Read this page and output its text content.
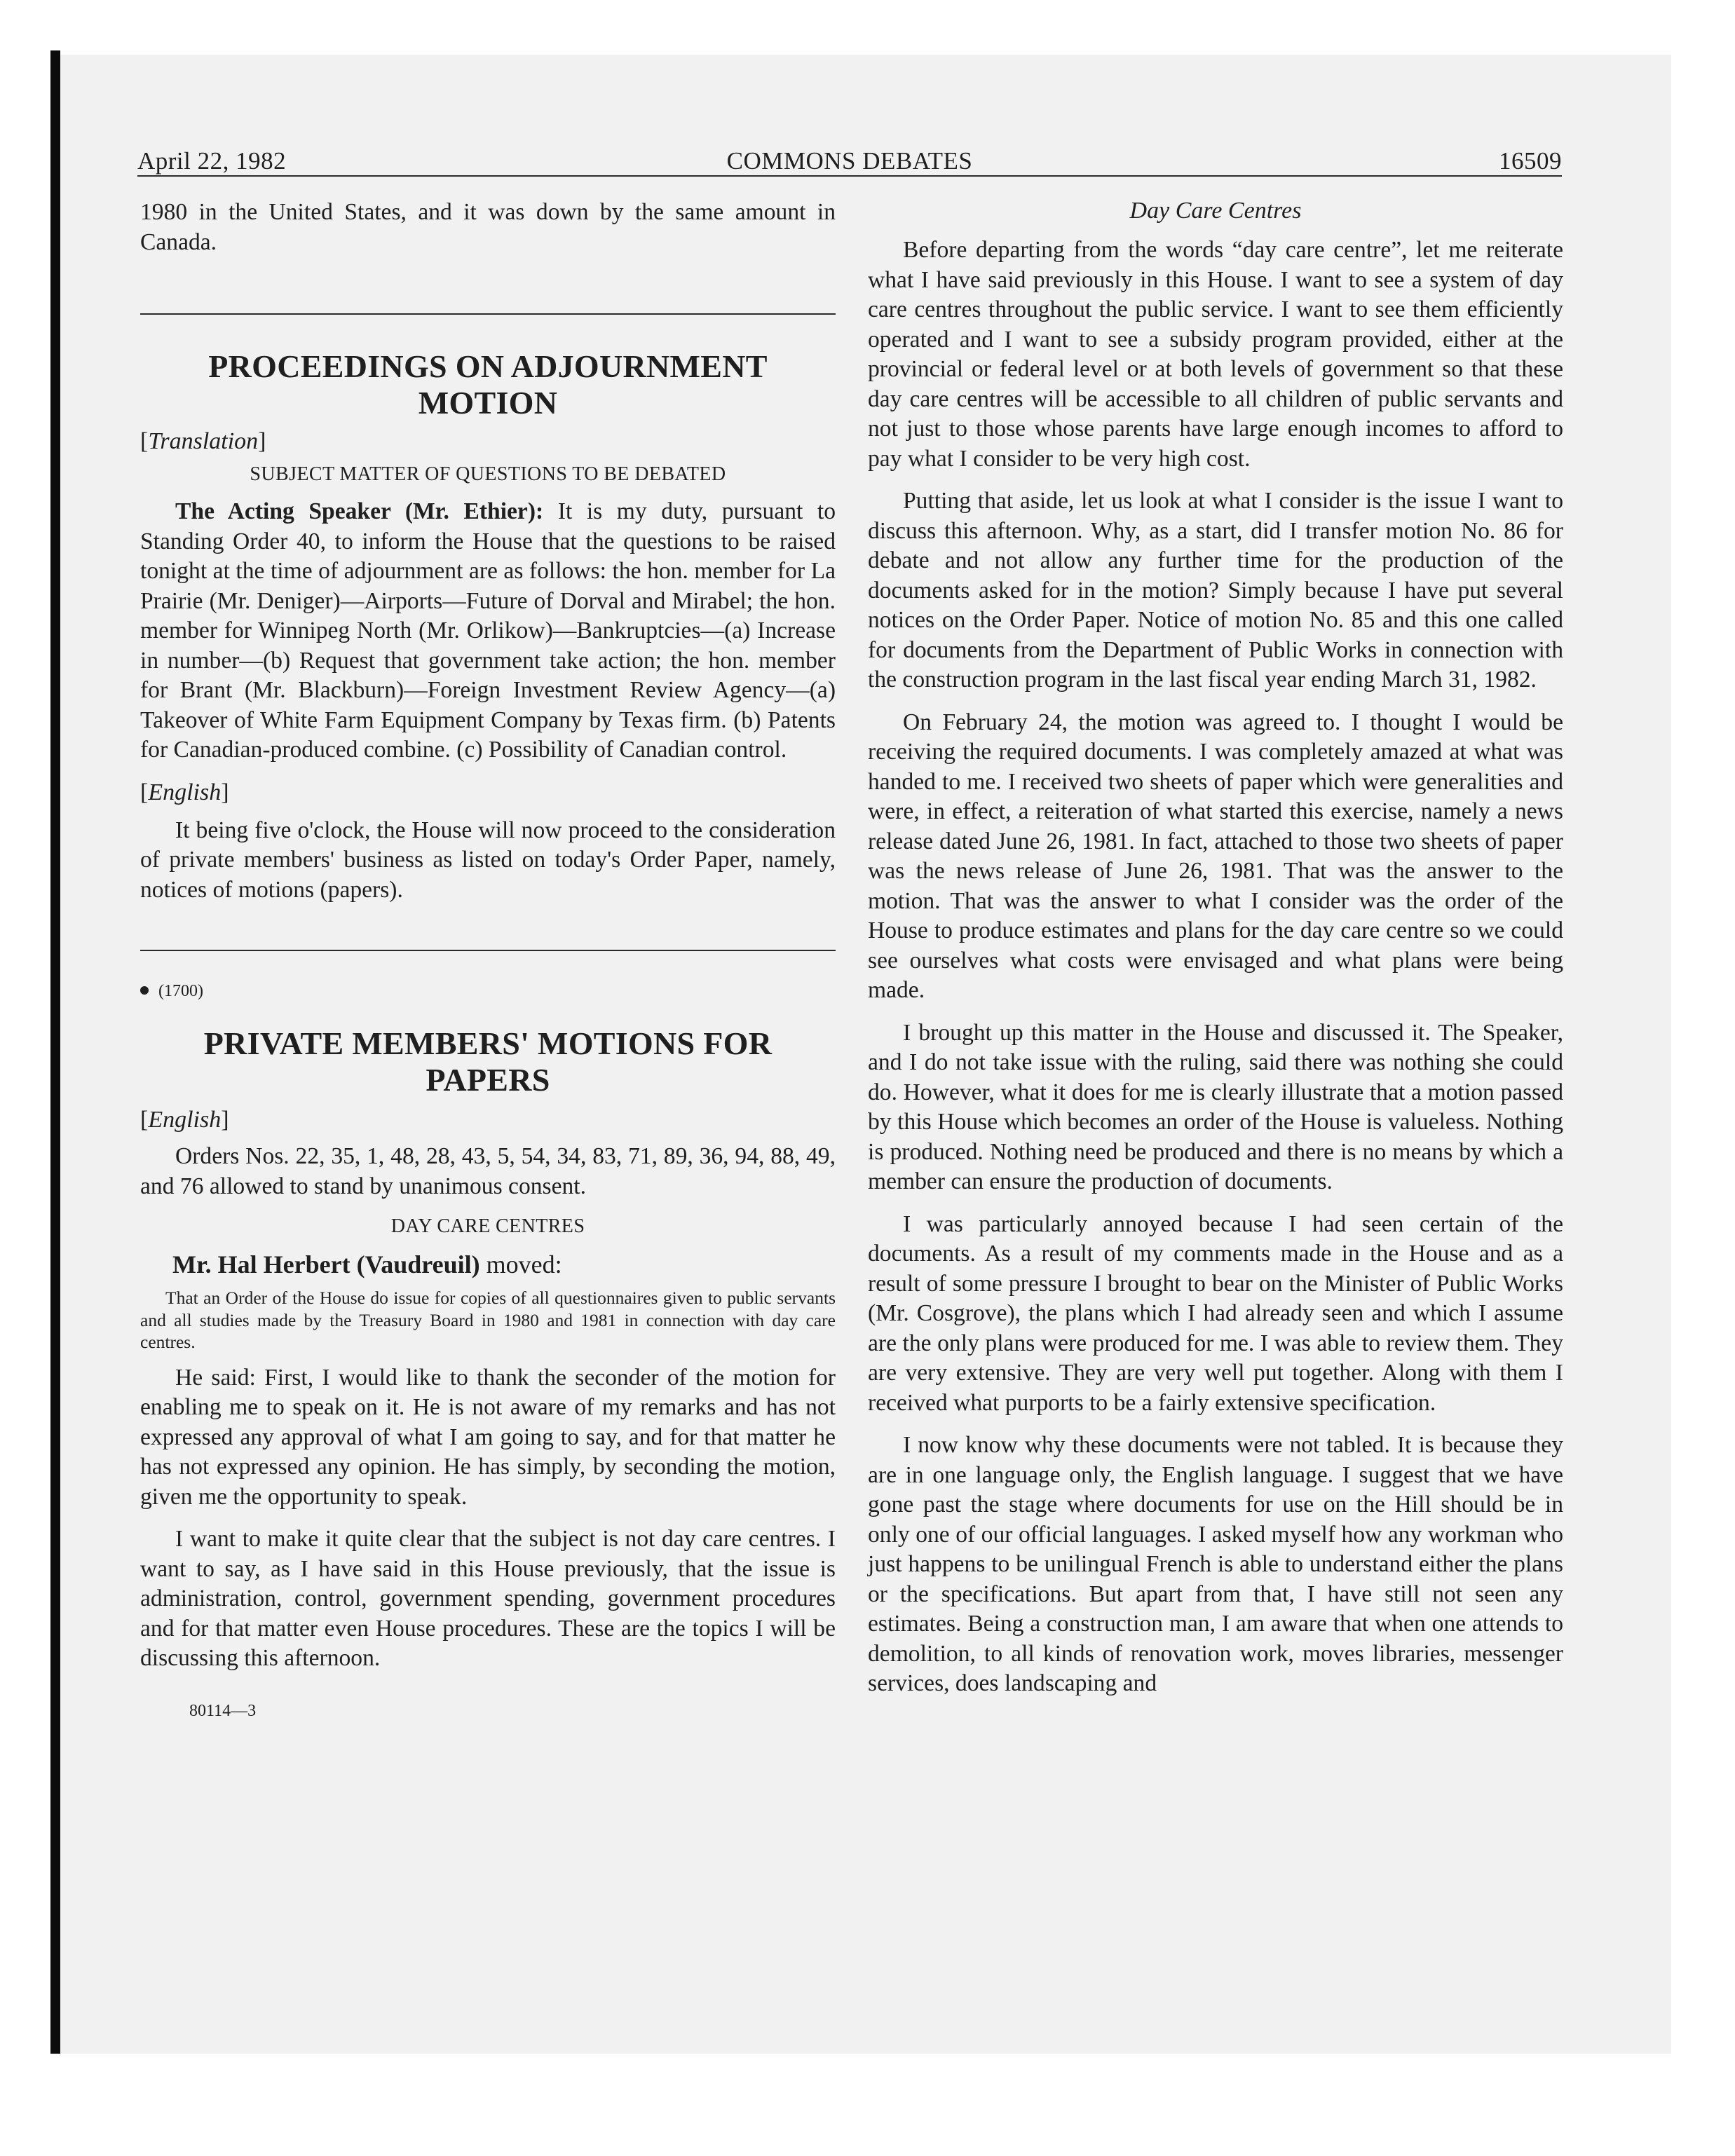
COMMONS DEBATES
April 22, 1982	16509

1980 in the United States, and it was down by the same amount in Canada.

PROCEEDINGS ON ADJOURNMENT MOTION
[Translation]
SUBJECT MATTER OF QUESTIONS TO BE DEBATED

The Acting Speaker (Mr. Ethier): It is my duty, pursuant to Standing Order 40, to inform the House that the questions to be raised tonight at the time of adjournment are as follows: the hon. member for La Prairie (Mr. Deniger)—Airports—Future of Dorval and Mirabel; the hon. member for Winnipeg North (Mr. Orlikow)—Bankruptcies—(a) Increase in number—(b) Request that government take action; the hon. member for Brant (Mr. Blackburn)—Foreign Investment Review Agency—(a) Takeover of White Farm Equipment Company by Texas firm. (b) Patents for Canadian-produced combine. (c) Possibility of Canadian control.

[English]

It being five o'clock, the House will now proceed to the consideration of private members' business as listed on today's Order Paper, namely, notices of motions (papers).

(1700)
PRIVATE MEMBERS' MOTIONS FOR PAPERS
[English]

Orders Nos. 22, 35, 1, 48, 28, 43, 5, 54, 34, 83, 71, 89, 36, 94, 88, 49, and 76 allowed to stand by unanimous consent.

DAY CARE CENTRES

Mr. Hal Herbert (Vaudreuil) moved:

That an Order of the House do issue for copies of all questionnaires given to public servants and all studies made by the Treasury Board in 1980 and 1981 in connection with day care centres.

He said: First, I would like to thank the seconder of the motion for enabling me to speak on it. He is not aware of my remarks and has not expressed any approval of what I am going to say, and for that matter he has not expressed any opinion. He has simply, by seconding the motion, given me the opportunity to speak.

I want to make it quite clear that the subject is not day care centres. I want to say, as I have said in this House previously, that the issue is administration, control, government spending, government procedures and for that matter even House procedures. These are the topics I will be discussing this afternoon.

80114—3
Day Care Centres

Before departing from the words “day care centre”, let me reiterate what I have said previously in this House. I want to see a system of day care centres throughout the public service. I want to see them efficiently operated and I want to see a subsidy program provided, either at the provincial or federal level or at both levels of government so that these day care centres will be accessible to all children of public servants and not just to those whose parents have large enough incomes to afford to pay what I consider to be very high cost.

Putting that aside, let us look at what I consider is the issue I want to discuss this afternoon. Why, as a start, did I transfer motion No. 86 for debate and not allow any further time for the production of the documents asked for in the motion? Simply because I have put several notices on the Order Paper. Notice of motion No. 85 and this one called for documents from the Department of Public Works in connection with the construction program in the last fiscal year ending March 31, 1982.

On February 24, the motion was agreed to. I thought I would be receiving the required documents. I was completely amazed at what was handed to me. I received two sheets of paper which were generalities and were, in effect, a reiteration of what started this exercise, namely a news release dated June 26, 1981. In fact, attached to those two sheets of paper was the news release of June 26, 1981. That was the answer to the motion. That was the answer to what I consider was the order of the House to produce estimates and plans for the day care centre so we could see ourselves what costs were envisaged and what plans were being made.

I brought up this matter in the House and discussed it. The Speaker, and I do not take issue with the ruling, said there was nothing she could do. However, what it does for me is clearly illustrate that a motion passed by this House which becomes an order of the House is valueless. Nothing is produced. Nothing need be produced and there is no means by which a member can ensure the production of documents.

I was particularly annoyed because I had seen certain of the documents. As a result of my comments made in the House and as a result of some pressure I brought to bear on the Minister of Public Works (Mr. Cosgrove), the plans which I had already seen and which I assume are the only plans were produced for me. I was able to review them. They are very extensive. They are very well put together. Along with them I received what purports to be a fairly extensive specification.

I now know why these documents were not tabled. It is because they are in one language only, the English language. I suggest that we have gone past the stage where documents for use on the Hill should be in only one of our official languages. I asked myself how any workman who just happens to be unilingual French is able to understand either the plans or the specifications. But apart from that, I have still not seen any estimates. Being a construction man, I am aware that when one attends to demolition, to all kinds of renovation work, moves libraries, messenger services, does landscaping and
